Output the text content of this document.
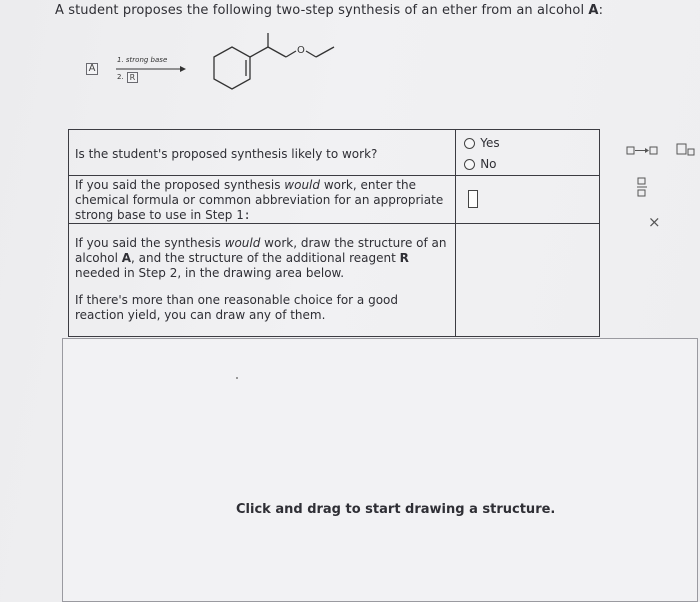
A student proposes the following two-step synthesis of an ether from an alcohol A:
A
1. strong base
2. R
O
Is the student's proposed synthesis likely to work?	Yes
No

If you said the proposed synthesis would work, enter the chemical formula or common abbreviation for an appropriate strong base to use in Step 1:	

If you said the synthesis would work, draw the structure of an alcohol A, and the structure of the additional reagent R needed in Step 2, in the drawing area below.
If there's more than one reasonable choice for a good reaction yield, you can draw any of them.	

×
Click and drag to start drawing a structure.
